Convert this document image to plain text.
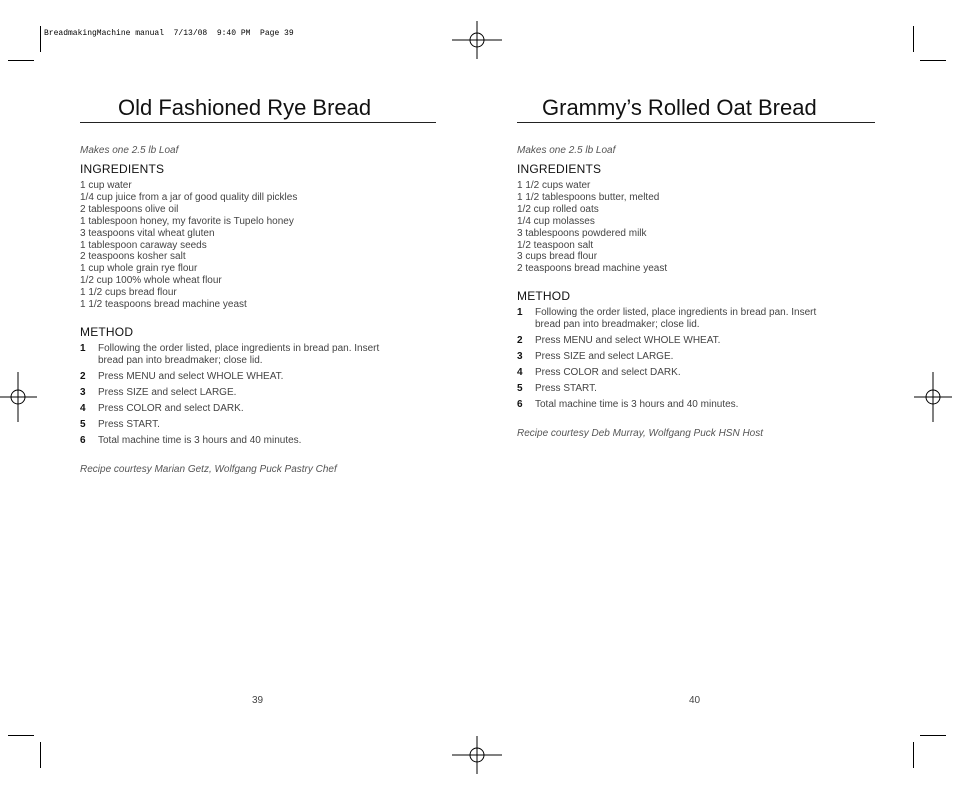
BreadmakingMachine manual  7/13/08  9:40 PM  Page 39
Old Fashioned Rye Bread
Makes one 2.5 lb Loaf
INGREDIENTS
1 cup water
1/4 cup juice from a jar of good quality dill pickles
2 tablespoons olive oil
1 tablespoon honey, my favorite is Tupelo honey
3 teaspoons vital wheat gluten
1 tablespoon caraway seeds
2 teaspoons kosher salt
1 cup whole grain rye flour
1/2 cup 100% whole wheat flour
1 1/2 cups bread flour
1 1/2 teaspoons bread machine yeast
METHOD
1	Following the order listed, place ingredients in bread pan. Insert bread pan into breadmaker; close lid.
2	Press MENU and select WHOLE WHEAT.
3	Press SIZE and select LARGE.
4	Press COLOR and select DARK.
5	Press START.
6	Total machine time is 3 hours and 40 minutes.
Recipe courtesy Marian Getz, Wolfgang Puck Pastry Chef
Grammy’s Rolled Oat Bread
Makes one 2.5 lb Loaf
INGREDIENTS
1 1/2 cups water
1 1/2 tablespoons butter, melted
1/2 cup rolled oats
1/4 cup molasses
3 tablespoons powdered milk
1/2 teaspoon salt
3 cups bread flour
2 teaspoons bread machine yeast
METHOD
1	Following the order listed, place ingredients in bread pan. Insert bread pan into breadmaker; close lid.
2	Press MENU and select WHOLE WHEAT.
3	Press SIZE and select LARGE.
4	Press COLOR and select DARK.
5	Press START.
6	Total machine time is 3 hours and 40 minutes.
Recipe courtesy Deb Murray, Wolfgang Puck HSN Host
39	40
